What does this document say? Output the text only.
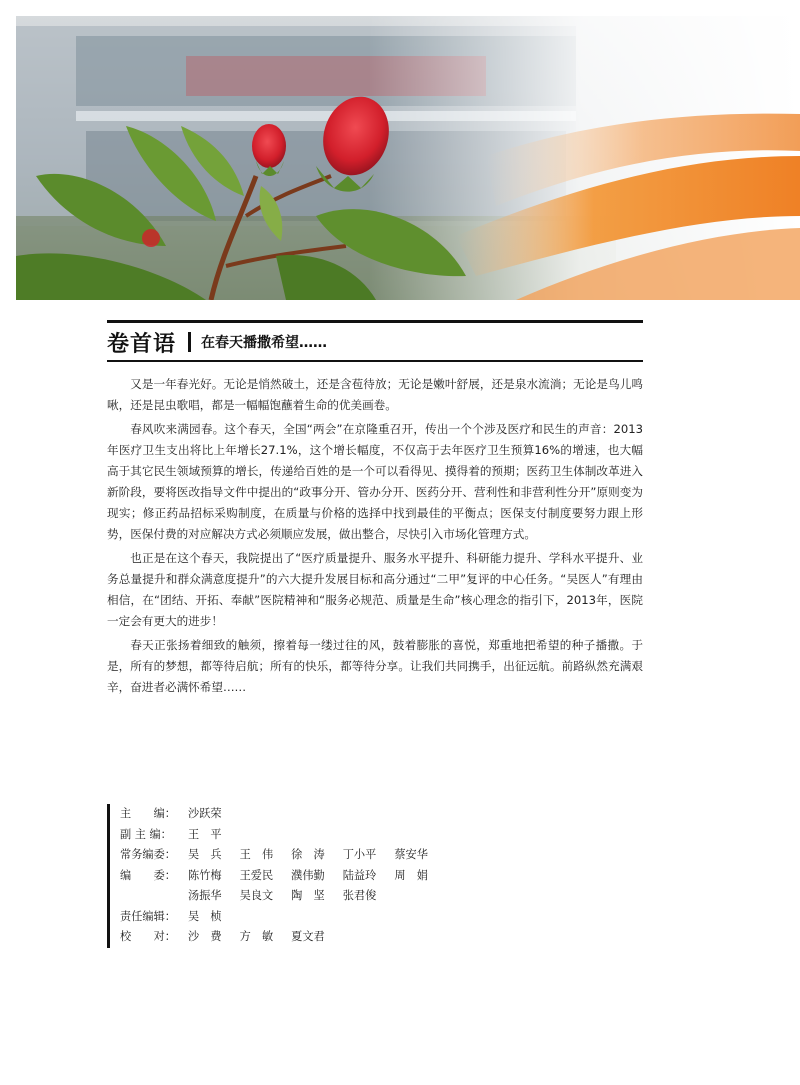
卷首语 在春天播撒希望……

又是一年春光好。无论是悄然破土，还是含苞待放；无论是嫩叶舒展，还是泉水流淌；无论是鸟儿鸣啾，还是昆虫歌唱，都是一幅幅饱蘸着生命的优美画卷。

春风吹来满园春。这个春天，全国“两会”在京隆重召开，传出一个个涉及医疗和民生的声音：2013年医疗卫生支出将比上年增长27.1%，这个增长幅度，不仅高于去年医疗卫生预算16%的增速，也大幅高于其它民生领域预算的增长，传递给百姓的是一个可以看得见、摸得着的预期；医药卫生体制改革进入新阶段，要将医改指导文件中提出的“政事分开、管办分开、医药分开、营利性和非营利性分开”原则变为现实；修正药品招标采购制度，在质量与价格的选择中找到最佳的平衡点；医保支付制度要努力跟上形势，医保付费的对应解决方式必须顺应发展，做出整合，尽快引入市场化管理方式。

也正是在这个春天，我院提出了“医疗质量提升、服务水平提升、科研能力提升、学科水平提升、业务总量提升和群众满意度提升”的六大提升发展目标和高分通过“二甲”复评的中心任务。“吴医人”有理由相信，在“团结、开拓、奉献”医院精神和“服务必规范、质量是生命”核心理念的指引下，2013年，医院一定会有更大的进步！

春天正张扬着细致的触须，擦着每一缕过往的风，鼓着膨胀的喜悦，郑重地把希望的种子播撒。于是，所有的梦想，都等待启航；所有的快乐，都等待分享。让我们共同携手，出征远航。前路纵然充满艰辛，奋进者必满怀希望……

主　　编：	沙跃荣
副 主 编：	王　平
常务编委：	吴　兵 王　伟 徐　涛 丁小平 蔡安华
编　　委：	陈竹梅 王爱民 濮伟勤 陆益玲 周　娟
汤振华 吴良文 陶　坚 张君俊
责任编辑：	吴　桢
校　　对：	沙　费 方　敏 夏文君
